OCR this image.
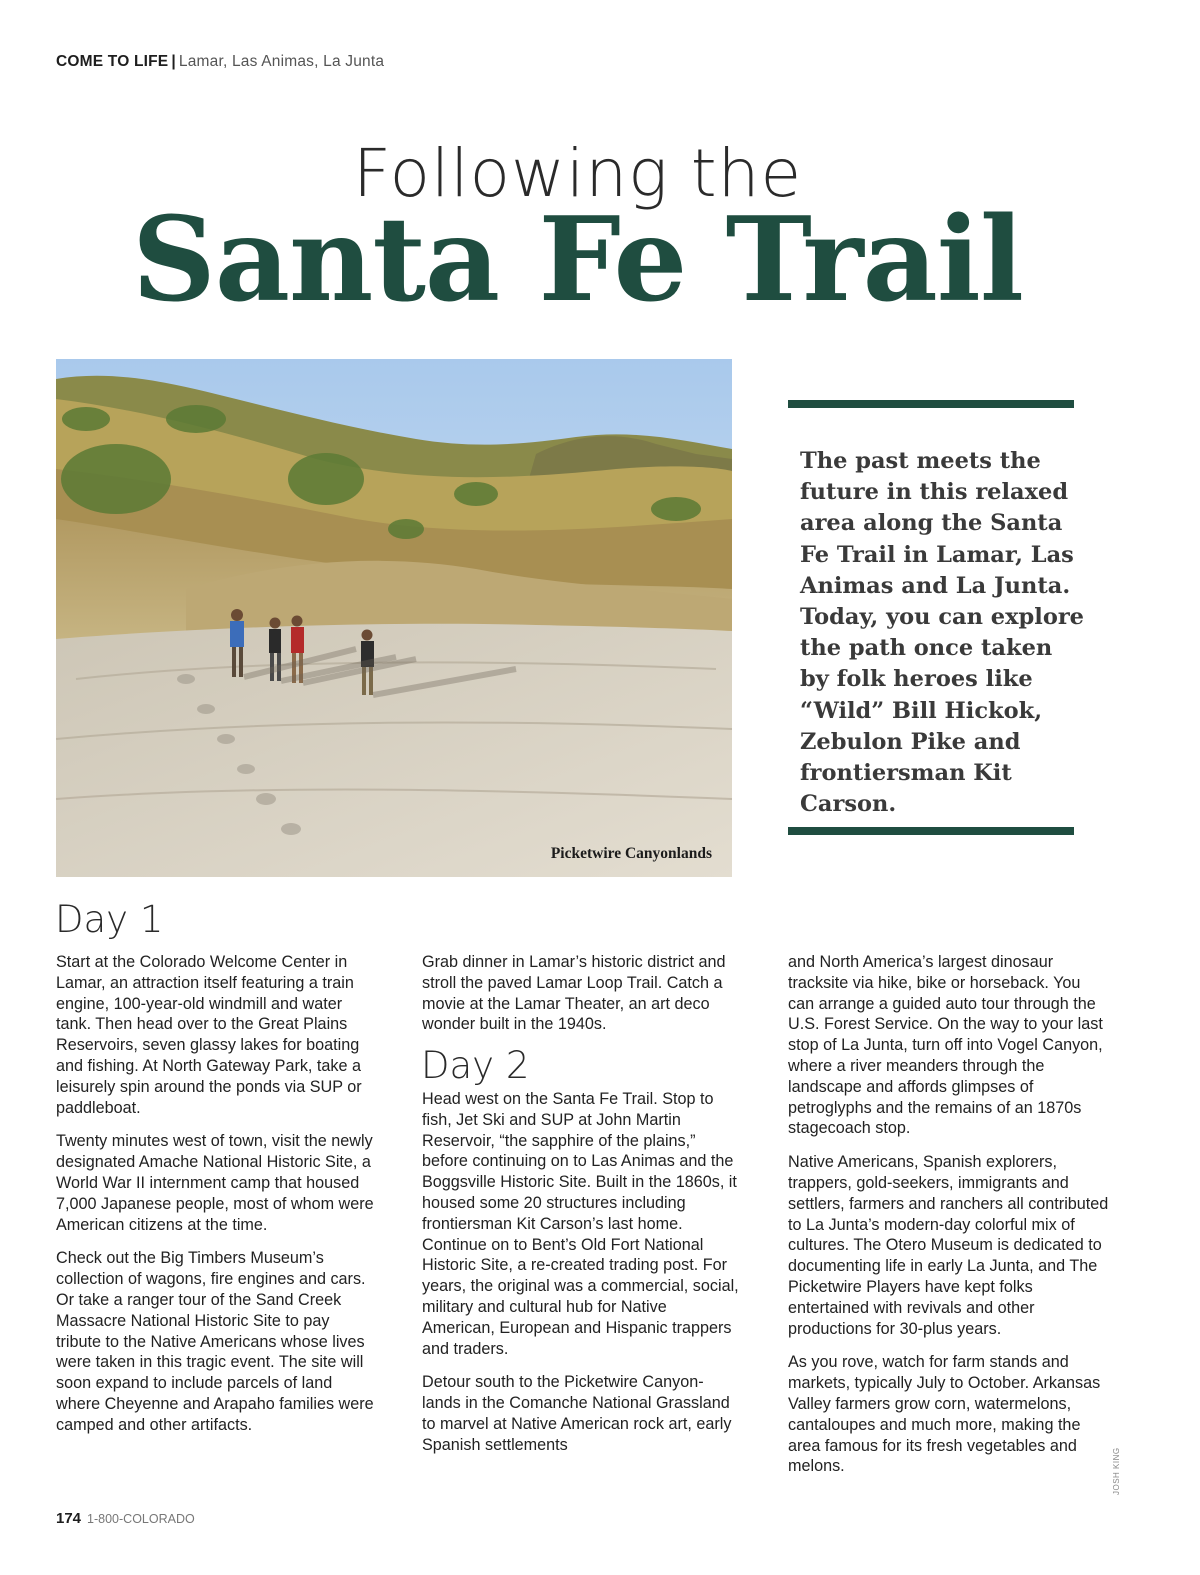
COME TO LIFE | Lamar, Las Animas, La Junta
Following the
Santa Fe Trail
Picketwire Canyonlands
The past meets the future in this relaxed area along the Santa Fe Trail in Lamar, Las Animas and La Junta. Today, you can explore the path once taken by folk heroes like “Wild” Bill Hickok, Zebulon Pike and frontiersman Kit Carson.
Day 1

Start at the Colorado Welcome Center in Lamar, an attraction itself featuring a train engine, 100-year-old windmill and water tank. Then head over to the Great Plains Reservoirs, seven glassy lakes for boating and fishing. At North Gateway Park, take a leisurely spin around the ponds via SUP or paddleboat.

Twenty minutes west of town, visit the newly designated Amache National Historic Site, a World War II internment camp that housed 7,000 Japanese people, most of whom were American citizens at the time.

Check out the Big Timbers Museum’s collection of wagons, fire engines and cars. Or take a ranger tour of the Sand Creek Massacre National Historic Site to pay tribute to the Native Americans whose lives were taken in this tragic event. The site will soon expand to include parcels of land where Cheyenne and Arapaho families were camped and other artifacts.

Grab dinner in Lamar’s historic district and stroll the paved Lamar Loop Trail. Catch a movie at the Lamar Theater, an art deco wonder built in the 1940s.

Day 2

Head west on the Santa Fe Trail. Stop to fish, Jet Ski and SUP at John Martin Reservoir, “the sapphire of the plains,” before continuing on to Las Animas and the Boggsville Historic Site. Built in the 1860s, it housed some 20 structures including frontiersman Kit Carson’s last home. Continue on to Bent’s Old Fort National Historic Site, a re-created trading post. For years, the original was a commercial, social, military and cultural hub for Native American, European and Hispanic trappers and traders.

Detour south to the Picketwire Canyon-lands in the Comanche National Grassland to marvel at Native American rock art, early Spanish settlements

and North America’s largest dinosaur tracksite via hike, bike or horseback. You can arrange a guided auto tour through the U.S. Forest Service. On the way to your last stop of La Junta, turn off into Vogel Canyon, where a river meanders through the landscape and affords glimpses of petroglyphs and the remains of an 1870s stagecoach stop.

Native Americans, Spanish explorers, trappers, gold-seekers, immigrants and settlers, farmers and ranchers all contributed to La Junta’s modern-day colorful mix of cultures. The Otero Museum is dedicated to documenting life in early La Junta, and The Picketwire Players have kept folks entertained with revivals and other productions for 30-plus years.

As you rove, watch for farm stands and markets, typically July to October. Arkansas Valley farmers grow corn, watermelons, cantaloupes and much more, making the area famous for its fresh vegetables and melons.	JOSH KING
174 1-800-COLORADO
